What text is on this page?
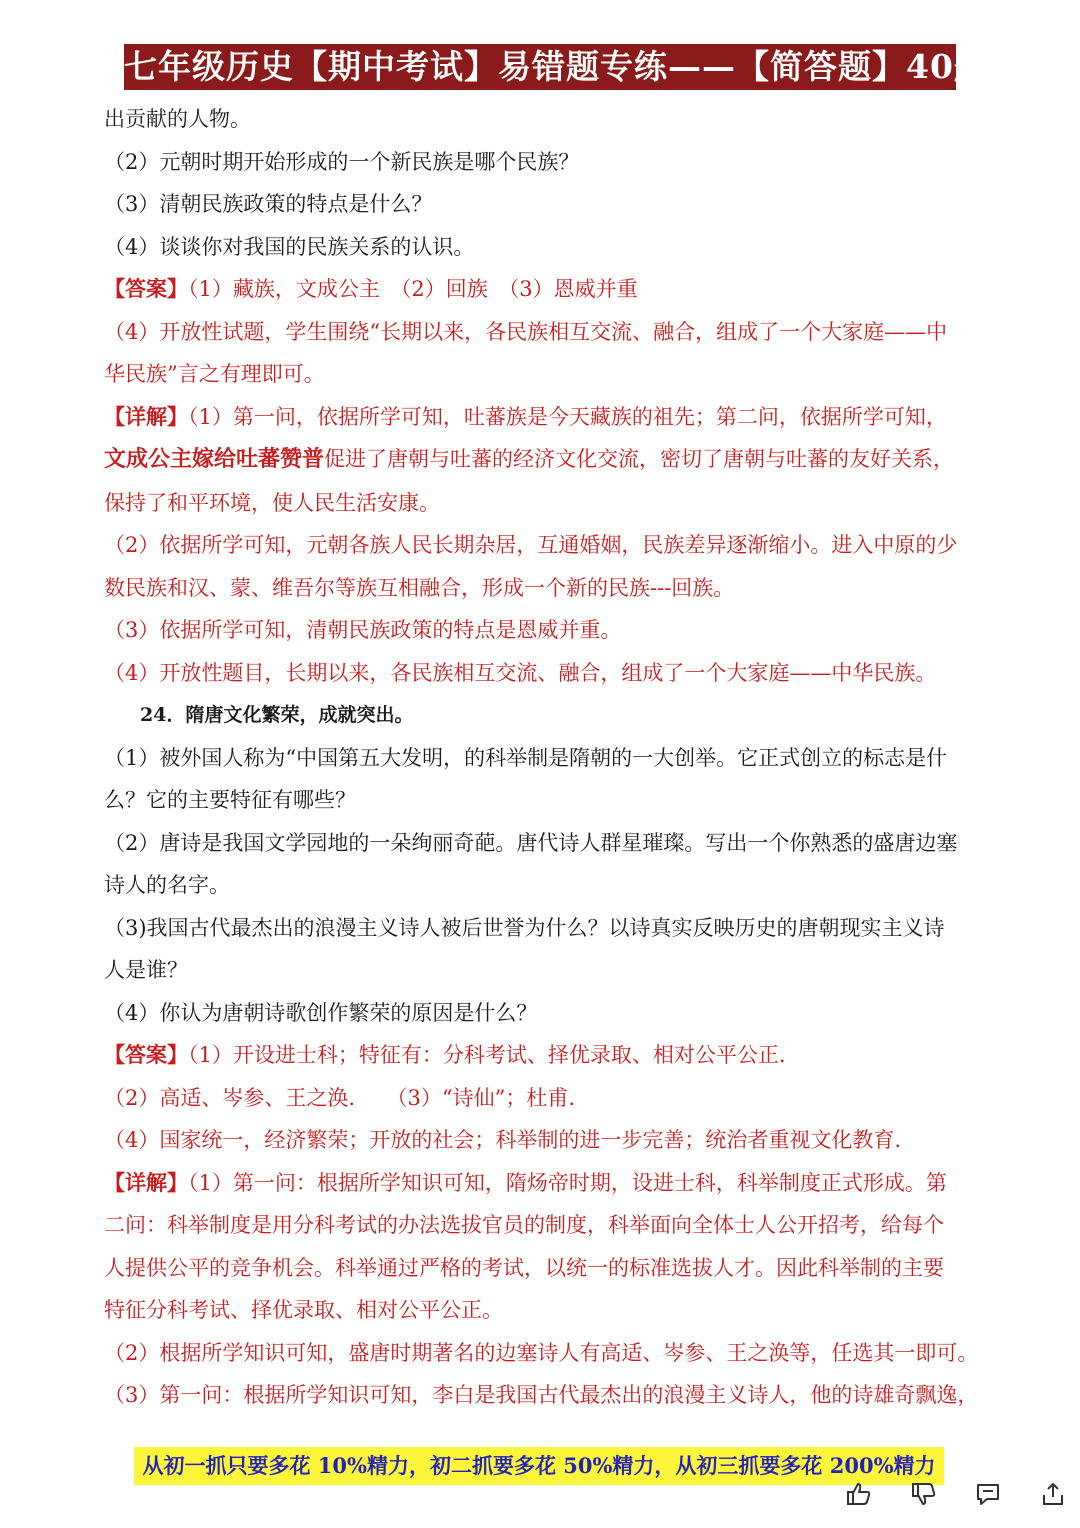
七年级历史【期中考试】易错题专练——【简答题】40题
出贡献的人物。
（2）元朝时期开始形成的一个新民族是哪个民族？
（3）清朝民族政策的特点是什么？
（4）谈谈你对我国的民族关系的认识。
【答案】（1）藏族，文成公主　（2）回族　（3）恩威并重
（4）开放性试题，学生围绕“长期以来，各民族相互交流、融合，组成了一个大家庭——中
华民族”言之有理即可。
【详解】（1）第一问，依据所学可知，吐蕃族是今天藏族的祖先；第二问，依据所学可知，
文成公主嫁给吐蕃赞普促进了唐朝与吐蕃的经济文化交流，密切了唐朝与吐蕃的友好关系，
保持了和平环境，使人民生活安康。
（2）依据所学可知，元朝各族人民长期杂居，互通婚姻，民族差异逐渐缩小。进入中原的少
数民族和汉、蒙、维吾尔等族互相融合，形成一个新的民族---回族。
（3）依据所学可知，清朝民族政策的特点是恩威并重。
（4）开放性题目，长期以来，各民族相互交流、融合，组成了一个大家庭——中华民族。
24．隋唐文化繁荣，成就突出。
（1）被外国人称为“中国第五大发明，的科举制是隋朝的一大创举。它正式创立的标志是什
么？它的主要特征有哪些？
（2）唐诗是我国文学园地的一朵绚丽奇葩。唐代诗人群星璀璨。写出一个你熟悉的盛唐边塞
诗人的名字。
（3)我国古代最杰出的浪漫主义诗人被后世誉为什么？以诗真实反映历史的唐朝现实主义诗
人是谁？
（4）你认为唐朝诗歌创作繁荣的原因是什么？
【答案】（1）开设进士科；特征有：分科考试、择优录取、相对公平公正.
（2）高适、岑参、王之涣.　　（3）“诗仙”；杜甫.
（4）国家统一，经济繁荣；开放的社会；科举制的进一步完善；统治者重视文化教育.
【详解】（1）第一问：根据所学知识可知，隋炀帝时期，设进士科，科举制度正式形成。第
二问：科举制度是用分科考试的办法选拔官员的制度，科举面向全体士人公开招考，给每个
人提供公平的竞争机会。科举通过严格的考试，以统一的标准选拔人才。因此科举制的主要
特征分科考试、择优录取、相对公平公正。
（2）根据所学知识可知，盛唐时期著名的边塞诗人有高适、岑参、王之涣等，任选其一即可。
（3）第一问：根据所学知识可知，李白是我国古代最杰出的浪漫主义诗人，他的诗雄奇飘逸，
从初一抓只要多花 10%精力，初二抓要多花 50%精力，从初三抓要多花 200%精力
